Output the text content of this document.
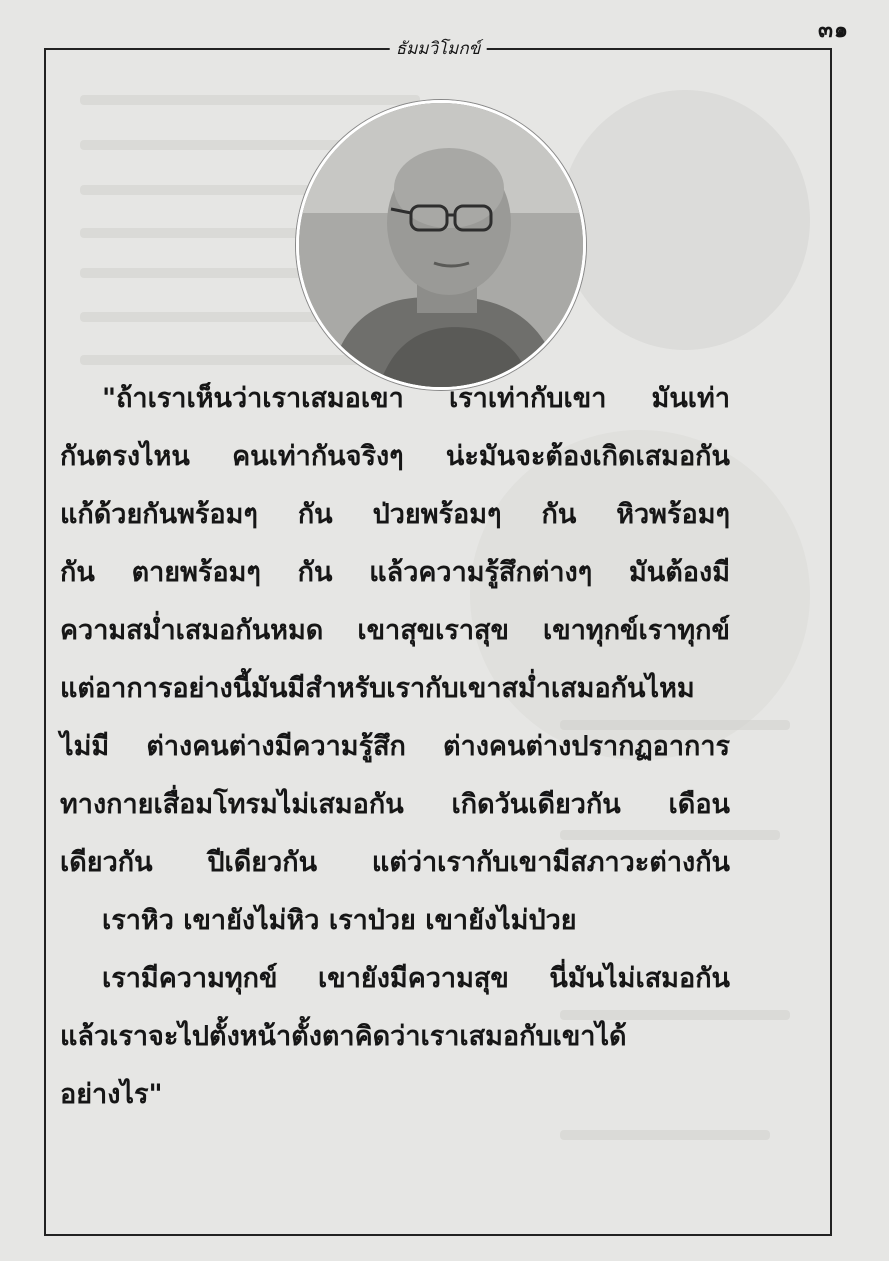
๓๑
ธัมมวิโมกข์
"ถ้าเราเห็นว่าเราเสมอเขา เราเท่ากับเขา มันเท่า
กันตรงไหน คนเท่ากันจริงๆ น่ะมันจะต้องเกิดเสมอกัน
แก้ด้วยกันพร้อมๆ กัน ป่วยพร้อมๆ กัน หิวพร้อมๆ
กัน ตายพร้อมๆ กัน แล้วความรู้สึกต่างๆ มันต้องมี
ความสม่ำเสมอกันหมด เขาสุขเราสุข เขาทุกข์เราทุกข์
แต่อาการอย่างนี้มันมีสำหรับเรากับเขาสม่ำเสมอกันไหม
ไม่มี ต่างคนต่างมีความรู้สึก ต่างคนต่างปรากฏอาการ
ทางกายเสื่อมโทรมไม่เสมอกัน เกิดวันเดียวกัน เดือน
เดียวกัน ปีเดียวกัน แต่ว่าเรากับเขามีสภาวะต่างกัน
เราหิว เขายังไม่หิว เราป่วย เขายังไม่ป่วย
เรามีความทุกข์ เขายังมีความสุข นี่มันไม่เสมอกัน
แล้วเราจะไปตั้งหน้าตั้งตาคิดว่าเราเสมอกับเขาได้
อย่างไร"
